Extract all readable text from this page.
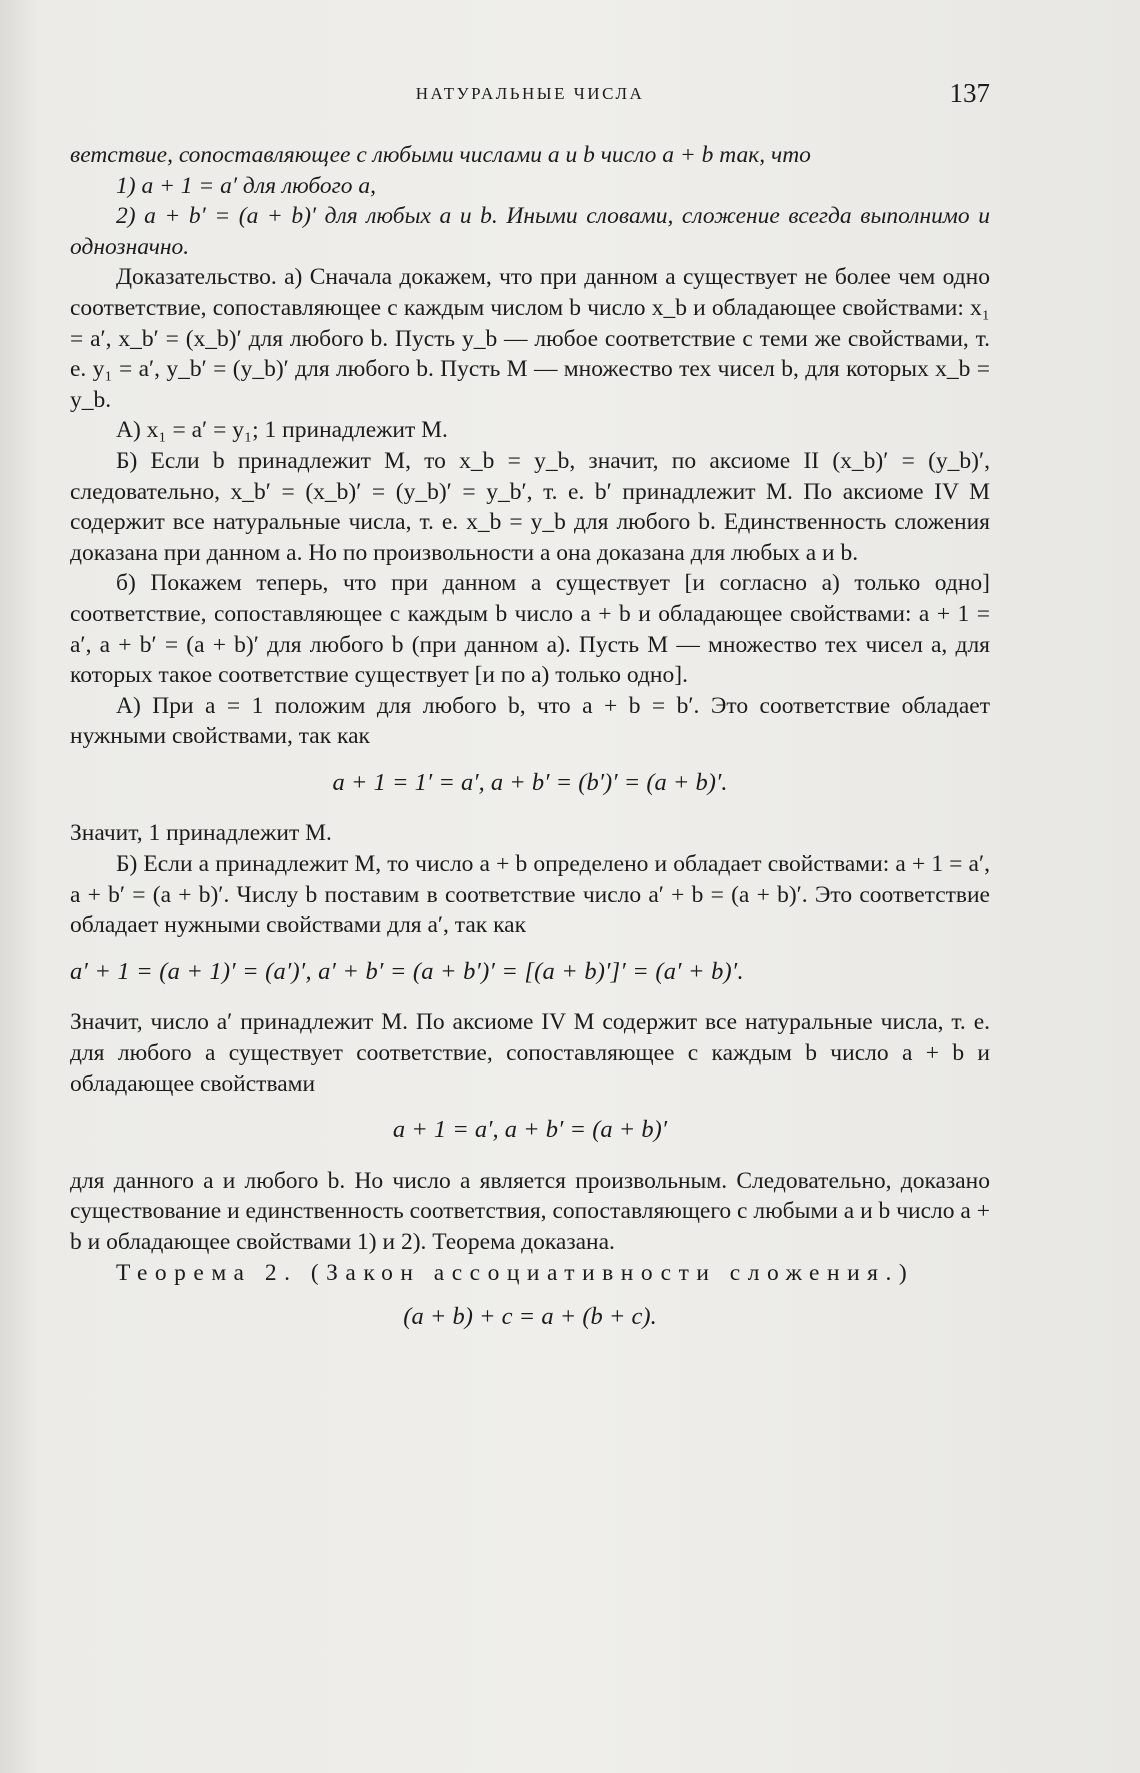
НАТУРАЛЬНЫЕ ЧИСЛА	137

ветствие, сопоставляющее с любыми числами a и b число a + b так, что

1) a + 1 = a′ для любого a,

2) a + b′ = (a + b)′ для любых a и b. Иными словами, сложение всегда выполнимо и однозначно.

Доказательство. а) Сначала докажем, что при данном a существует не более чем одно соответствие, сопоставляющее с каждым числом b число x_b и обладающее свойствами: x₁ = a′, x_b′ = (x_b)′ для любого b. Пусть y_b — любое соответствие с теми же свойствами, т. е. y₁ = a′, y_b′ = (y_b)′ для любого b. Пусть M — множество тех чисел b, для которых x_b = y_b.

А) x₁ = a′ = y₁; 1 принадлежит M.

Б) Если b принадлежит M, то x_b = y_b, значит, по аксиоме II (x_b)′ = (y_b)′, следовательно, x_b′ = (x_b)′ = (y_b)′ = y_b′, т. е. b′ принадлежит M. По аксиоме IV M содержит все натуральные числа, т. е. x_b = y_b для любого b. Единственность сложения доказана при данном a. Но по произвольности a она доказана для любых a и b.

б) Покажем теперь, что при данном a существует [и согласно а) только одно] соответствие, сопоставляющее с каждым b число a + b и обладающее свойствами: a + 1 = a′, a + b′ = (a + b)′ для любого b (при данном a). Пусть M — множество тех чисел a, для которых такое соответствие существует [и по а) только одно].

А) При a = 1 положим для любого b, что a + b = b′. Это соответствие обладает нужными свойствами, так как

a + 1 = 1′ = a′, a + b′ = (b′)′ = (a + b)′.

Значит, 1 принадлежит M.

Б) Если a принадлежит M, то число a + b определено и обладает свойствами: a + 1 = a′, a + b′ = (a + b)′. Числу b поставим в соответствие число a′ + b = (a + b)′. Это соответствие обладает нужными свойствами для a′, так как

a′ + 1 = (a + 1)′ = (a′)′, a′ + b′ = (a + b′)′ = [(a + b)′]′ = (a′ + b)′.

Значит, число a′ принадлежит M. По аксиоме IV M содержит все натуральные числа, т. е. для любого a существует соответствие, сопоставляющее с каждым b число a + b и обладающее свойствами

a + 1 = a′, a + b′ = (a + b)′

для данного a и любого b. Но число a является произвольным. Следовательно, доказано существование и единственность соответствия, сопоставляющего с любыми a и b число a + b и обладающее свойствами 1) и 2). Теорема доказана.

Теорема 2. (Закон ассоциативности сложения.)

(a + b) + c = a + (b + c).
